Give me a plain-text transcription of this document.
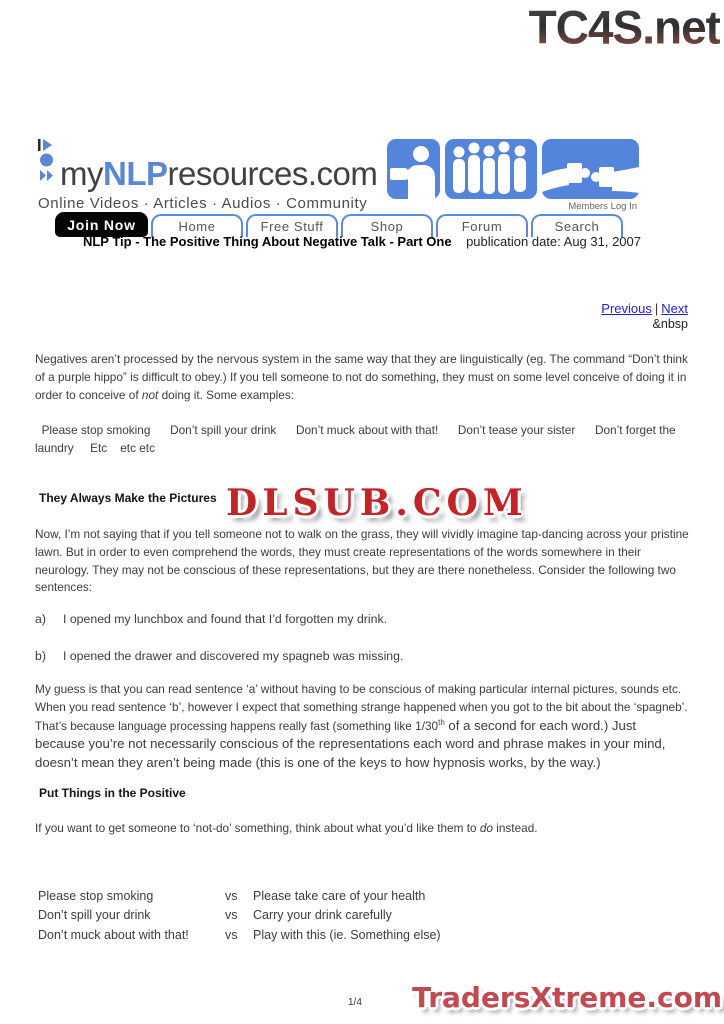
TC4S.net
myNLPresources.com
Online Videos · Articles · Audios · Community	Members Log In
Join Now	Home	Free Stuff	Shop	Forum	Search
NLP Tip - The Positive Thing About Negative Talk - Part One publication date: Aug 31, 2007
Previous | Next
&nbsp
Negatives aren’t processed by the nervous system in the same way that they are linguistically (eg. The command “Don’t think of a purple hippo” is difficult to obey.) If you tell someone to not do something, they must on some level conceive of doing it in order to conceive of not doing it. Some examples:
Please stop smoking      Don’t spill your drink      Don’t muck about with that!      Don’t tease your sister      Don’t forget the laundry     Etc    etc etc
They Always Make the Pictures DLSUB.COM
Now, I’m not saying that if you tell someone not to walk on the grass, they will vividly imagine tap-dancing across your pristine lawn. But in order to even comprehend the words, they must create representations of the words somewhere in their neurology. They may not be conscious of these representations, but they are there nonetheless. Consider the following two sentences:
a)	I opened my lunchbox and found that I’d forgotten my drink.
b)	I opened the drawer and discovered my spagneb was missing.
My guess is that you can read sentence ‘a’ without having to be conscious of making particular internal pictures, sounds etc. When you read sentence ‘b’, however I expect that something strange happened when you got to the bit about the ‘spagneb’. That’s because language processing happens really fast (something like 1/30th of a second for each word.) Just because you’re not necessarily conscious of the representations each word and phrase makes in your mind, doesn’t mean they aren’t being made (this is one of the keys to how hypnosis works, by the way.)
Put Things in the Positive
If you want to get someone to ‘not-do’ something, think about what you’d like them to do instead.
Please stop smoking	vs	Please take care of your health
Don’t spill your drink	vs	Carry your drink carefully
Don’t muck about with that!	vs	Play with this (ie. Something else)
1/4 TradersXtreme.com
